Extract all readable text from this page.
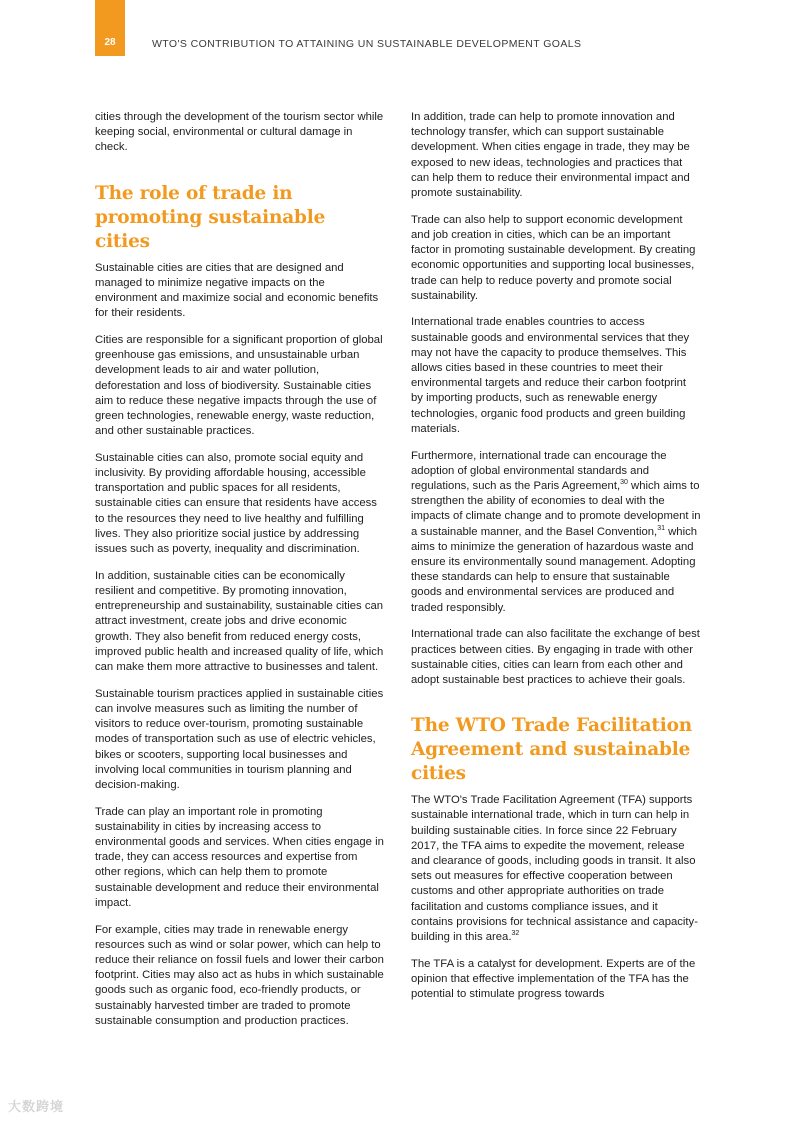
28	WTO'S CONTRIBUTION TO ATTAINING UN SUSTAINABLE DEVELOPMENT GOALS

cities through the development of the tourism sector while keeping social, environmental or cultural damage in check.

The role of trade in promoting sustainable cities

Sustainable cities are cities that are designed and managed to minimize negative impacts on the environment and maximize social and economic benefits for their residents.

Cities are responsible for a significant proportion of global greenhouse gas emissions, and unsustainable urban development leads to air and water pollution, deforestation and loss of biodiversity. Sustainable cities aim to reduce these negative impacts through the use of green technologies, renewable energy, waste reduction, and other sustainable practices.

Sustainable cities can also, promote social equity and inclusivity. By providing affordable housing, accessible transportation and public spaces for all residents, sustainable cities can ensure that residents have access to the resources they need to live healthy and fulfilling lives. They also prioritize social justice by addressing issues such as poverty, inequality and discrimination.

In addition, sustainable cities can be economically resilient and competitive. By promoting innovation, entrepreneurship and sustainability, sustainable cities can attract investment, create jobs and drive economic growth. They also benefit from reduced energy costs, improved public health and increased quality of life, which can make them more attractive to businesses and talent.

Sustainable tourism practices applied in sustainable cities can involve measures such as limiting the number of visitors to reduce over-tourism, promoting sustainable modes of transportation such as use of electric vehicles, bikes or scooters, supporting local businesses and involving local communities in tourism planning and decision-making.

Trade can play an important role in promoting sustainability in cities by increasing access to environmental goods and services. When cities engage in trade, they can access resources and expertise from other regions, which can help them to promote sustainable development and reduce their environmental impact.

For example, cities may trade in renewable energy resources such as wind or solar power, which can help to reduce their reliance on fossil fuels and lower their carbon footprint. Cities may also act as hubs in which sustainable goods such as organic food, eco-friendly products, or sustainably harvested timber are traded to promote sustainable consumption and production practices.

In addition, trade can help to promote innovation and technology transfer, which can support sustainable development. When cities engage in trade, they may be exposed to new ideas, technologies and practices that can help them to reduce their environmental impact and promote sustainability.

Trade can also help to support economic development and job creation in cities, which can be an important factor in promoting sustainable development. By creating economic opportunities and supporting local businesses, trade can help to reduce poverty and promote social sustainability.

International trade enables countries to access sustainable goods and environmental services that they may not have the capacity to produce themselves. This allows cities based in these countries to meet their environmental targets and reduce their carbon footprint by importing products, such as renewable energy technologies, organic food products and green building materials.

Furthermore, international trade can encourage the adoption of global environmental standards and regulations, such as the Paris Agreement,$^{30}$ which aims to strengthen the ability of economies to deal with the impacts of climate change and to promote development in a sustainable manner, and the Basel Convention,$^{31}$ which aims to minimize the generation of hazardous waste and ensure its environmentally sound management. Adopting these standards can help to ensure that sustainable goods and environmental services are produced and traded responsibly.

International trade can also facilitate the exchange of best practices between cities. By engaging in trade with other sustainable cities, cities can learn from each other and adopt sustainable best practices to achieve their goals.

The WTO Trade Facilitation Agreement and sustainable cities

The WTO's Trade Facilitation Agreement (TFA) supports sustainable international trade, which in turn can help in building sustainable cities. In force since 22 February 2017, the TFA aims to expedite the movement, release and clearance of goods, including goods in transit. It also sets out measures for effective cooperation between customs and other appropriate authorities on trade facilitation and customs compliance issues, and it contains provisions for technical assistance and capacity-building in this area.$^{32}$

The TFA is a catalyst for development. Experts are of the opinion that effective implementation of the TFA has the potential to stimulate progress towards

大数跨境
